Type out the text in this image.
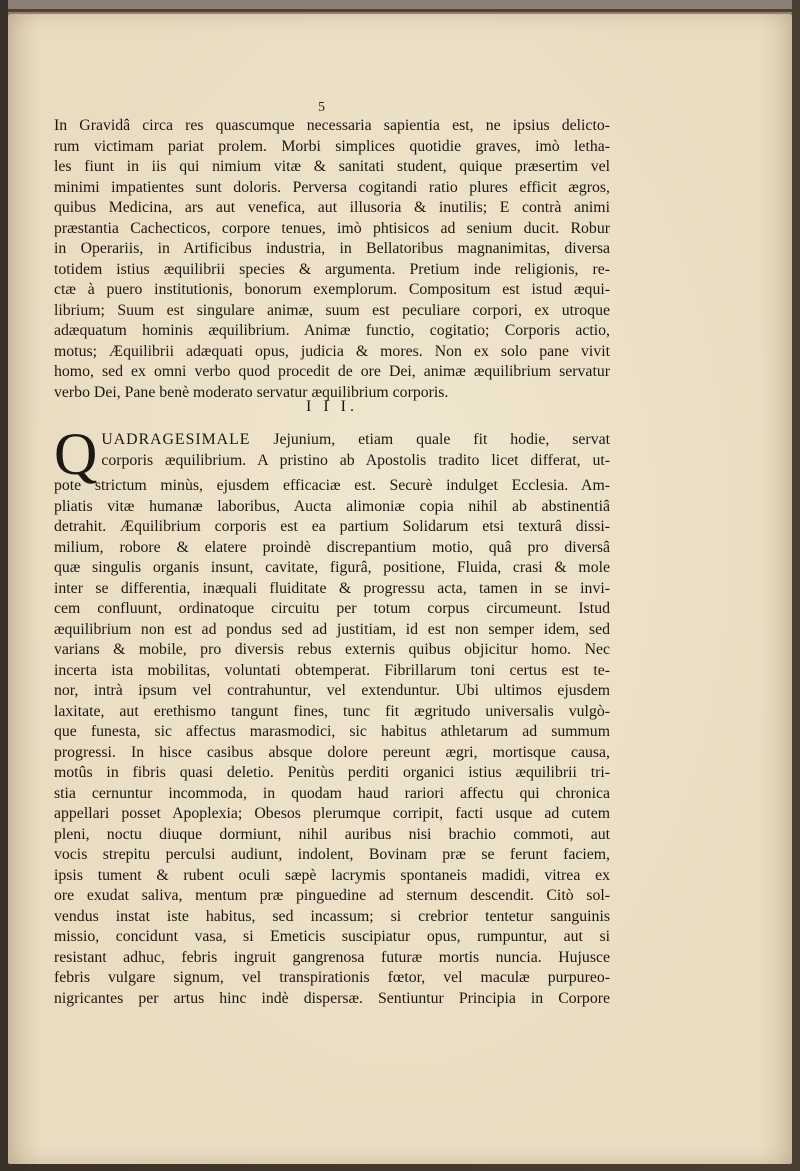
5
In Gravidâ circa res quascumque necessaria sapientia est, ne ipsius delicto-
rum victimam pariat prolem. Morbi simplices quotidie graves, imò letha-
les fiunt in iis qui nimium vitæ & sanitati student, quique præsertim vel
minimi impatientes sunt doloris. Perversa cogitandi ratio plures efficit ægros,
quibus Medicina, ars aut venefica, aut illusoria & inutilis; E contrà animi
præstantia Cachecticos, corpore tenues, imò phtisicos ad senium ducit. Robur
in Operariis, in Artificibus industria, in Bellatoribus magnanimitas, diversa
totidem istius æquilibrii species & argumenta. Pretium inde religionis, re-
ctæ à puero institutionis, bonorum exemplorum. Compositum est istud æqui-
librium; Suum est singulare animæ, suum est peculiare corpori, ex utroque
adæquatum hominis æquilibrium. Animæ functio, cogitatio; Corporis actio,
motus; Æquilibrii adæquati opus, judicia & mores. Non ex solo pane vivit
homo, sed ex omni verbo quod procedit de ore Dei, animæ æquilibrium servatur
verbo Dei, Pane benè moderato servatur æquilibrium corporis.
I I I.
Q UADRAGESIMALE Jejunium, etiam quale fit hodie, servat
corporis æquilibrium. A pristino ab Apostolis tradito licet differat, ut-
pote strictum minùs, ejusdem efficaciæ est. Securè indulget Ecclesia. Am-
pliatis vitæ humanæ laboribus, Aucta alimoniæ copia nihil ab abstinentiâ
detrahit. Æquilibrium corporis est ea partium Solidarum etsi texturâ dissi-
milium, robore & elatere proindè discrepantium motio, quâ pro diversâ
quæ singulis organis insunt, cavitate, figurâ, positione, Fluida, crasi & mole
inter se differentia, inæquali fluiditate & progressu acta, tamen in se invi-
cem confluunt, ordinatoque circuitu per totum corpus circumeunt. Istud
æquilibrium non est ad pondus sed ad justitiam, id est non semper idem, sed
varians & mobile, pro diversis rebus externis quibus objicitur homo. Nec
incerta ista mobilitas, voluntati obtemperat. Fibrillarum toni certus est te-
nor, intrà ipsum vel contrahuntur, vel extenduntur. Ubi ultimos ejusdem
laxitate, aut erethismo tangunt fines, tunc fit ægritudo universalis vulgò-
que funesta, sic affectus marasmodici, sic habitus athletarum ad summum
progressi. In hisce casibus absque dolore pereunt ægri, mortisque causa,
motûs in fibris quasi deletio. Penitùs perditi organici istius æquilibrii tri-
stia cernuntur incommoda, in quodam haud rariori affectu qui chronica
appellari posset Apoplexia; Obesos plerumque corripit, facti usque ad cutem
pleni, noctu diuque dormiunt, nihil auribus nisi brachio commoti, aut
vocis strepitu perculsi audiunt, indolent, Bovinam præ se ferunt faciem,
ipsis tument & rubent oculi sæpè lacrymis spontaneis madidi, vitrea ex
ore exudat saliva, mentum præ pinguedine ad sternum descendit. Citò sol-
vendus instat iste habitus, sed incassum; si crebrior tentetur sanguinis
missio, concidunt vasa, si Emeticis suscipiatur opus, rumpuntur, aut si
resistant adhuc, febris ingruit gangrenosa futuræ mortis nuncia. Hujusce
febris vulgare signum, vel transpirationis fœtor, vel maculæ purpureo-
nigricantes per artus hinc indè dispersæ. Sentiuntur Principia in Corpore
